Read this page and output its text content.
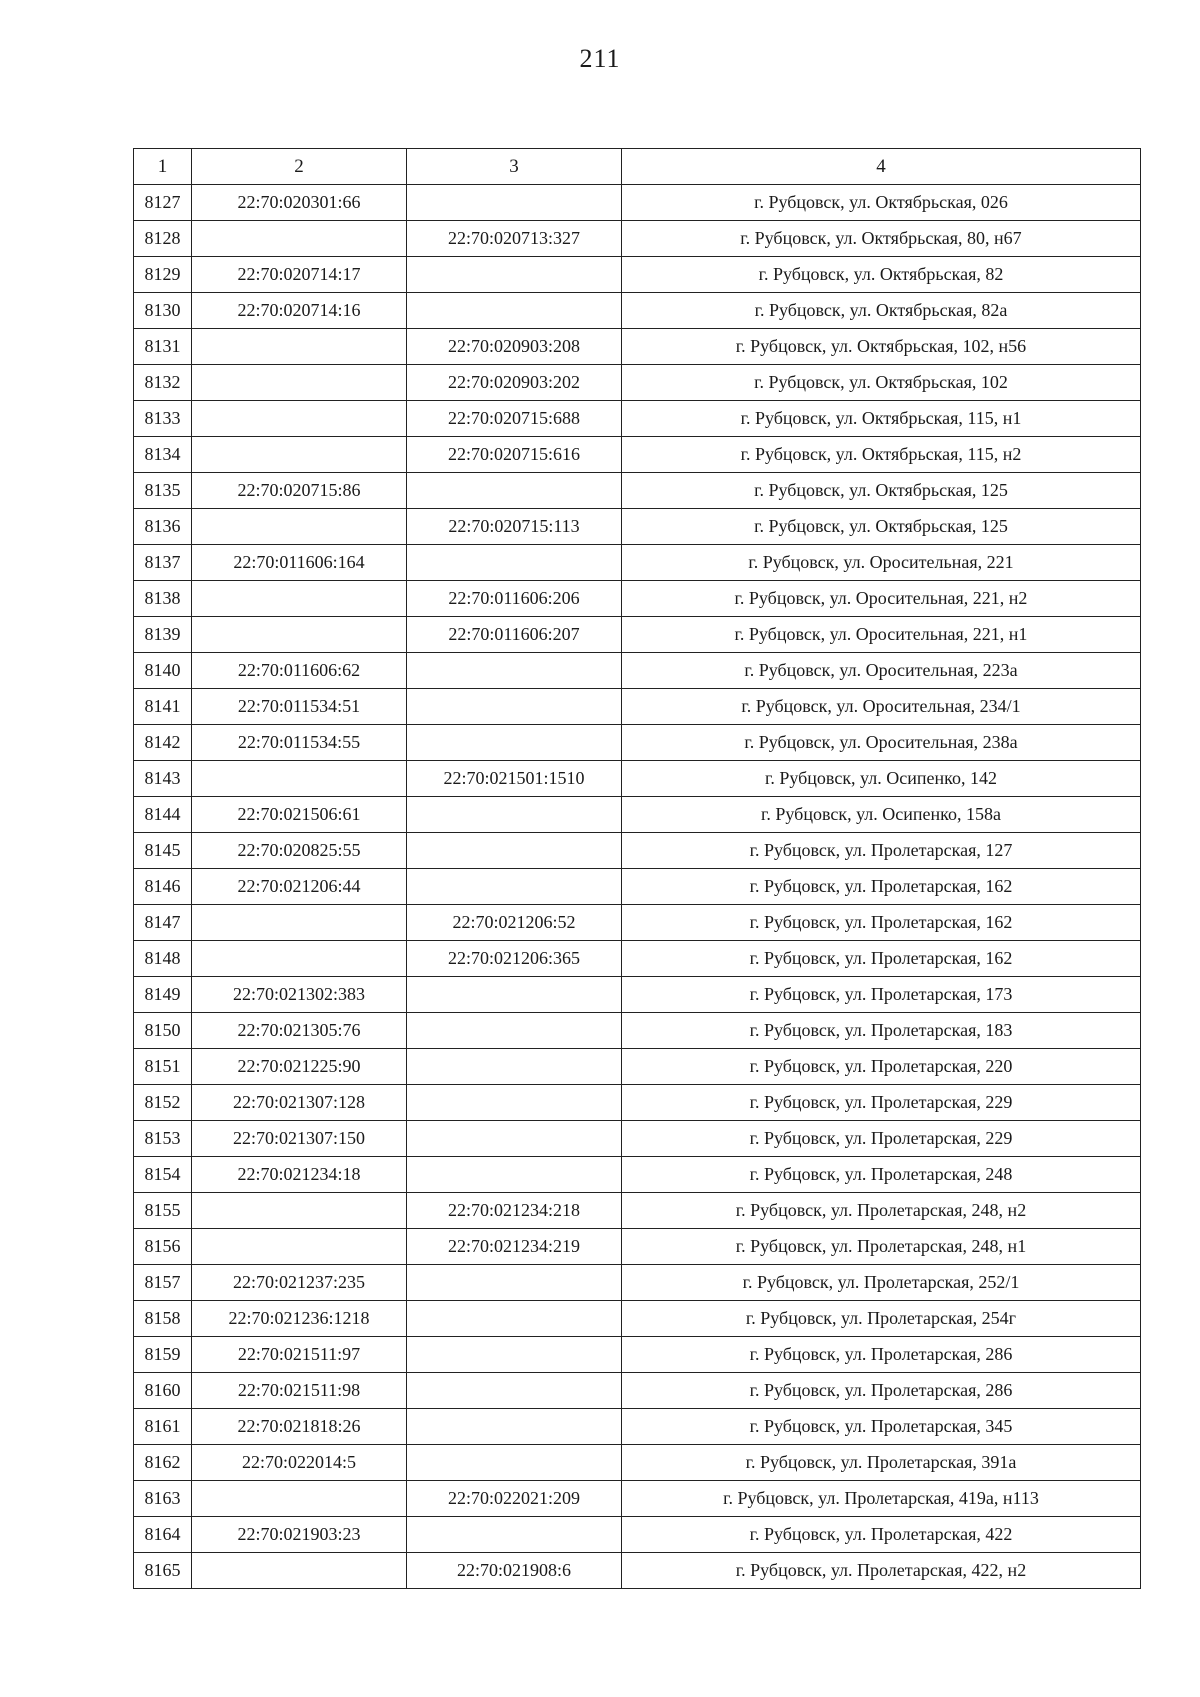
211
1	2	3	4
8127	22:70:020301:66		г. Рубцовск, ул. Октябрьская, 026
8128		22:70:020713:327	г. Рубцовск, ул. Октябрьская, 80, н67
8129	22:70:020714:17		г. Рубцовск, ул. Октябрьская, 82
8130	22:70:020714:16		г. Рубцовск, ул. Октябрьская, 82а
8131		22:70:020903:208	г. Рубцовск, ул. Октябрьская, 102, н56
8132		22:70:020903:202	г. Рубцовск, ул. Октябрьская, 102
8133		22:70:020715:688	г. Рубцовск, ул. Октябрьская, 115, н1
8134		22:70:020715:616	г. Рубцовск, ул. Октябрьская, 115, н2
8135	22:70:020715:86		г. Рубцовск, ул. Октябрьская, 125
8136		22:70:020715:113	г. Рубцовск, ул. Октябрьская, 125
8137	22:70:011606:164		г. Рубцовск, ул. Оросительная, 221
8138		22:70:011606:206	г. Рубцовск, ул. Оросительная, 221, н2
8139		22:70:011606:207	г. Рубцовск, ул. Оросительная, 221, н1
8140	22:70:011606:62		г. Рубцовск, ул. Оросительная, 223а
8141	22:70:011534:51		г. Рубцовск, ул. Оросительная, 234/1
8142	22:70:011534:55		г. Рубцовск, ул. Оросительная, 238а
8143		22:70:021501:1510	г. Рубцовск, ул. Осипенко, 142
8144	22:70:021506:61		г. Рубцовск, ул. Осипенко, 158а
8145	22:70:020825:55		г. Рубцовск, ул. Пролетарская, 127
8146	22:70:021206:44		г. Рубцовск, ул. Пролетарская, 162
8147		22:70:021206:52	г. Рубцовск, ул. Пролетарская, 162
8148		22:70:021206:365	г. Рубцовск, ул. Пролетарская, 162
8149	22:70:021302:383		г. Рубцовск, ул. Пролетарская, 173
8150	22:70:021305:76		г. Рубцовск, ул. Пролетарская, 183
8151	22:70:021225:90		г. Рубцовск, ул. Пролетарская, 220
8152	22:70:021307:128		г. Рубцовск, ул. Пролетарская, 229
8153	22:70:021307:150		г. Рубцовск, ул. Пролетарская, 229
8154	22:70:021234:18		г. Рубцовск, ул. Пролетарская, 248
8155		22:70:021234:218	г. Рубцовск, ул. Пролетарская, 248, н2
8156		22:70:021234:219	г. Рубцовск, ул. Пролетарская, 248, н1
8157	22:70:021237:235		г. Рубцовск, ул. Пролетарская, 252/1
8158	22:70:021236:1218		г. Рубцовск, ул. Пролетарская, 254г
8159	22:70:021511:97		г. Рубцовск, ул. Пролетарская, 286
8160	22:70:021511:98		г. Рубцовск, ул. Пролетарская, 286
8161	22:70:021818:26		г. Рубцовск, ул. Пролетарская, 345
8162	22:70:022014:5		г. Рубцовск, ул. Пролетарская, 391а
8163		22:70:022021:209	г. Рубцовск, ул. Пролетарская, 419а, н113
8164	22:70:021903:23		г. Рубцовск, ул. Пролетарская, 422
8165		22:70:021908:6	г. Рубцовск, ул. Пролетарская, 422, н2
